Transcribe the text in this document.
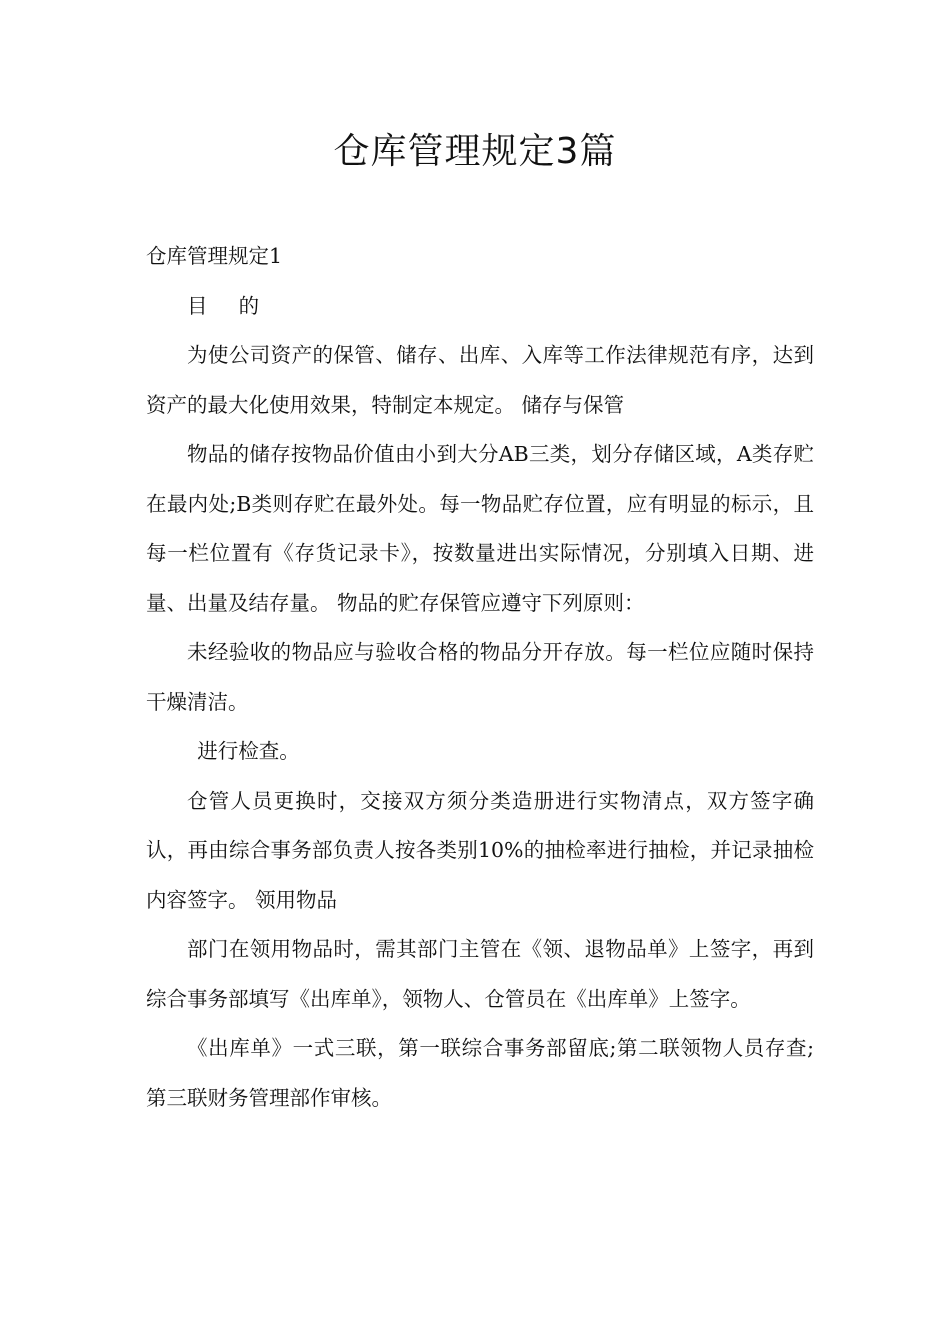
仓库管理规定3篇

仓库管理规定1

目 的

为使公司资产的保管、储存、出库、入库等工作法律规范有序，达到资产的最大化使用效果，特制定本规定。 储存与保管

物品的储存按物品价值由小到大分AB三类，划分存储区域，A类存贮在最内处;B类则存贮在最外处。每一物品贮存位置，应有明显的标示，且每一栏位置有《存货记录卡》，按数量进出实际情况，分别填入日期、进量、出量及结存量。 物品的贮存保管应遵守下列原则：

未经验收的物品应与验收合格的物品分开存放。每一栏位应随时保持干燥清洁。

进行检查。

仓管人员更换时，交接双方须分类造册进行实物清点，双方签字确认，再由综合事务部负责人按各类别10%的抽检率进行抽检，并记录抽检内容签字。 领用物品

部门在领用物品时，需其部门主管在《领、退物品单》上签字，再到综合事务部填写《出库单》，领物人、仓管员在《出库单》上签字。

《出库单》一式三联，第一联综合事务部留底;第二联领物人员存查;第三联财务管理部作审核。
